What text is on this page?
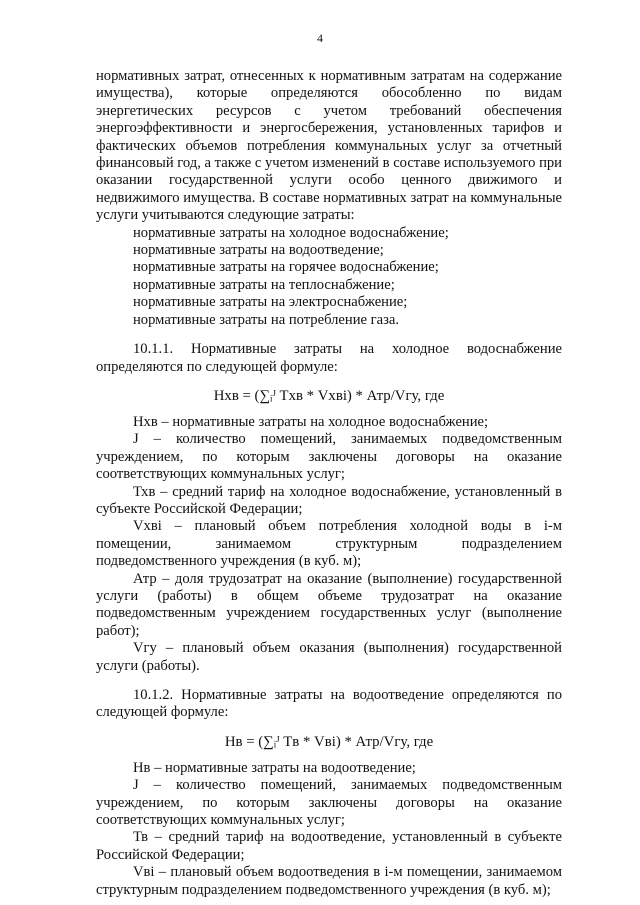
4

нормативных затрат, отнесенных к нормативным затратам на содержание имущества), которые определяются обособленно по видам энергетических ресурсов с учетом требований обеспечения энергоэффективности и энергосбережения, установленных тарифов и фактических объемов потребления коммунальных услуг за отчетный финансовый год, а также с учетом изменений в составе используемого при оказании государственной услуги особо ценного движимого и недвижимого имущества. В составе нормативных затрат на коммунальные услуги учитываются следующие затраты:

нормативные затраты на холодное водоснабжение;

нормативные затраты на водоотведение;

нормативные затраты на горячее водоснабжение;

нормативные затраты на теплоснабжение;

нормативные затраты на электроснабжение;

нормативные затраты на потребление газа.

10.1.1. Нормативные затраты на холодное водоснабжение определяются по следующей формуле:

Нхв = (∑ᵢᴶ Tхв * Vхвi) * Атр/Vгу, где

Нхв – нормативные затраты на холодное водоснабжение;

J – количество помещений, занимаемых подведомственным учреждением, по которым заключены договоры на оказание соответствующих коммунальных услуг;

Тхв – средний тариф на холодное водоснабжение, установленный в субъекте Российской Федерации;

Vхвi – плановый объем потребления холодной воды в i-м помещении, занимаемом структурным подразделением подведомственного учреждения (в куб. м);

Атр – доля трудозатрат на оказание (выполнение) государственной услуги (работы) в общем объеме трудозатрат на оказание подведомственным учреждением государственных услуг (выполнение работ);

Vгу – плановый объем оказания (выполнения) государственной услуги (работы).

10.1.2. Нормативные затраты на водоотведение определяются по следующей формуле:

Нв = (∑ᵢᴶ Tв * Vвi) * Атр/Vгу, где

Нв – нормативные затраты на водоотведение;

J – количество помещений, занимаемых подведомственным учреждением, по которым заключены договоры на оказание соответствующих коммунальных услуг;

Тв – средний тариф на водоотведение, установленный в субъекте Российской Федерации;

Vвi – плановый объем водоотведения в i-м помещении, занимаемом структурным подразделением подведомственного учреждения (в куб. м);
